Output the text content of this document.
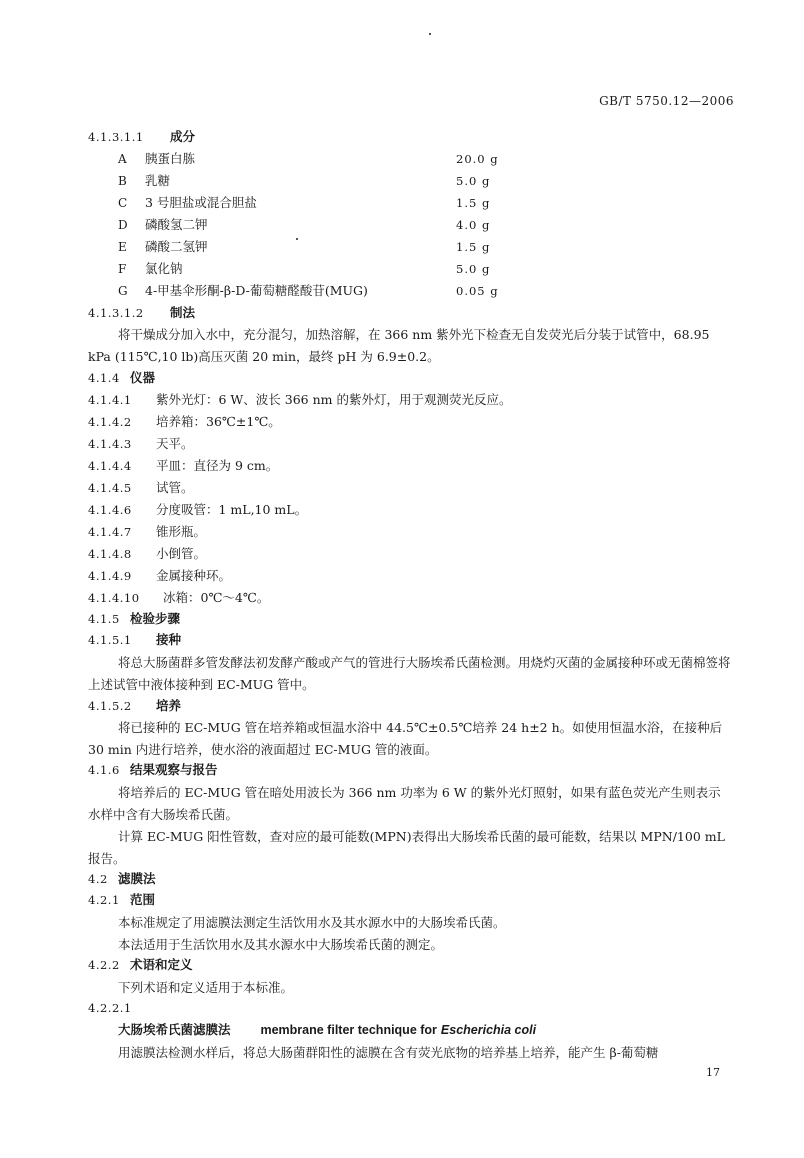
GB/T 5750.12—2006
4.1.3.1.1 成分
A 胰蛋白胨	20.0 g
B 乳糖	5.0 g
C 3 号胆盐或混合胆盐	1.5 g
D 磷酸氢二钾	4.0 g
E 磷酸二氢钾	1.5 g
F 氯化钠	5.0 g
G 4-甲基伞形酮-β-D-葡萄糖醛酸苷(MUG)	0.05 g
4.1.3.1.2 制法

将干燥成分加入水中，充分混匀，加热溶解，在 366 nm 紫外光下检查无自发荧光后分装于试管中，68.95 kPa (115℃,10 lb)高压灭菌 20 min，最终 pH 为 6.9±0.2。

4.1.4 仪器
4.1.4.1 紫外光灯：6 W、波长 366 nm 的紫外灯，用于观测荧光反应。
4.1.4.2 培养箱：36℃±1℃。
4.1.4.3 天平。
4.1.4.4 平皿：直径为 9 cm。
4.1.4.5 试管。
4.1.4.6 分度吸管：1 mL,10 mL。
4.1.4.7 锥形瓶。
4.1.4.8 小倒管。
4.1.4.9 金属接种环。
4.1.4.10 冰箱：0℃～4℃。
4.1.5 检验步骤
4.1.5.1 接种

将总大肠菌群多管发酵法初发酵产酸或产气的管进行大肠埃希氏菌检测。用烧灼灭菌的金属接种环或无菌棉签将上述试管中液体接种到 EC-MUG 管中。

4.1.5.2 培养

将已接种的 EC-MUG 管在培养箱或恒温水浴中 44.5℃±0.5℃培养 24 h±2 h。如使用恒温水浴，在接种后 30 min 内进行培养，使水浴的液面超过 EC-MUG 管的液面。

4.1.6 结果观察与报告

将培养后的 EC-MUG 管在暗处用波长为 366 nm 功率为 6 W 的紫外光灯照射，如果有蓝色荧光产生则表示水样中含有大肠埃希氏菌。

计算 EC-MUG 阳性管数，查对应的最可能数(MPN)表得出大肠埃希氏菌的最可能数，结果以 MPN/100 mL 报告。

4.2 滤膜法
4.2.1 范围

本标准规定了用滤膜法测定生活饮用水及其水源水中的大肠埃希氏菌。

本法适用于生活饮用水及其水源水中大肠埃希氏菌的测定。

4.2.2 术语和定义

下列术语和定义适用于本标准。

4.2.2.1
大肠埃希氏菌滤膜法 membrane filter technique for Escherichia coli

用滤膜法检测水样后，将总大肠菌群阳性的滤膜在含有荧光底物的培养基上培养，能产生 β-葡萄糖

17
